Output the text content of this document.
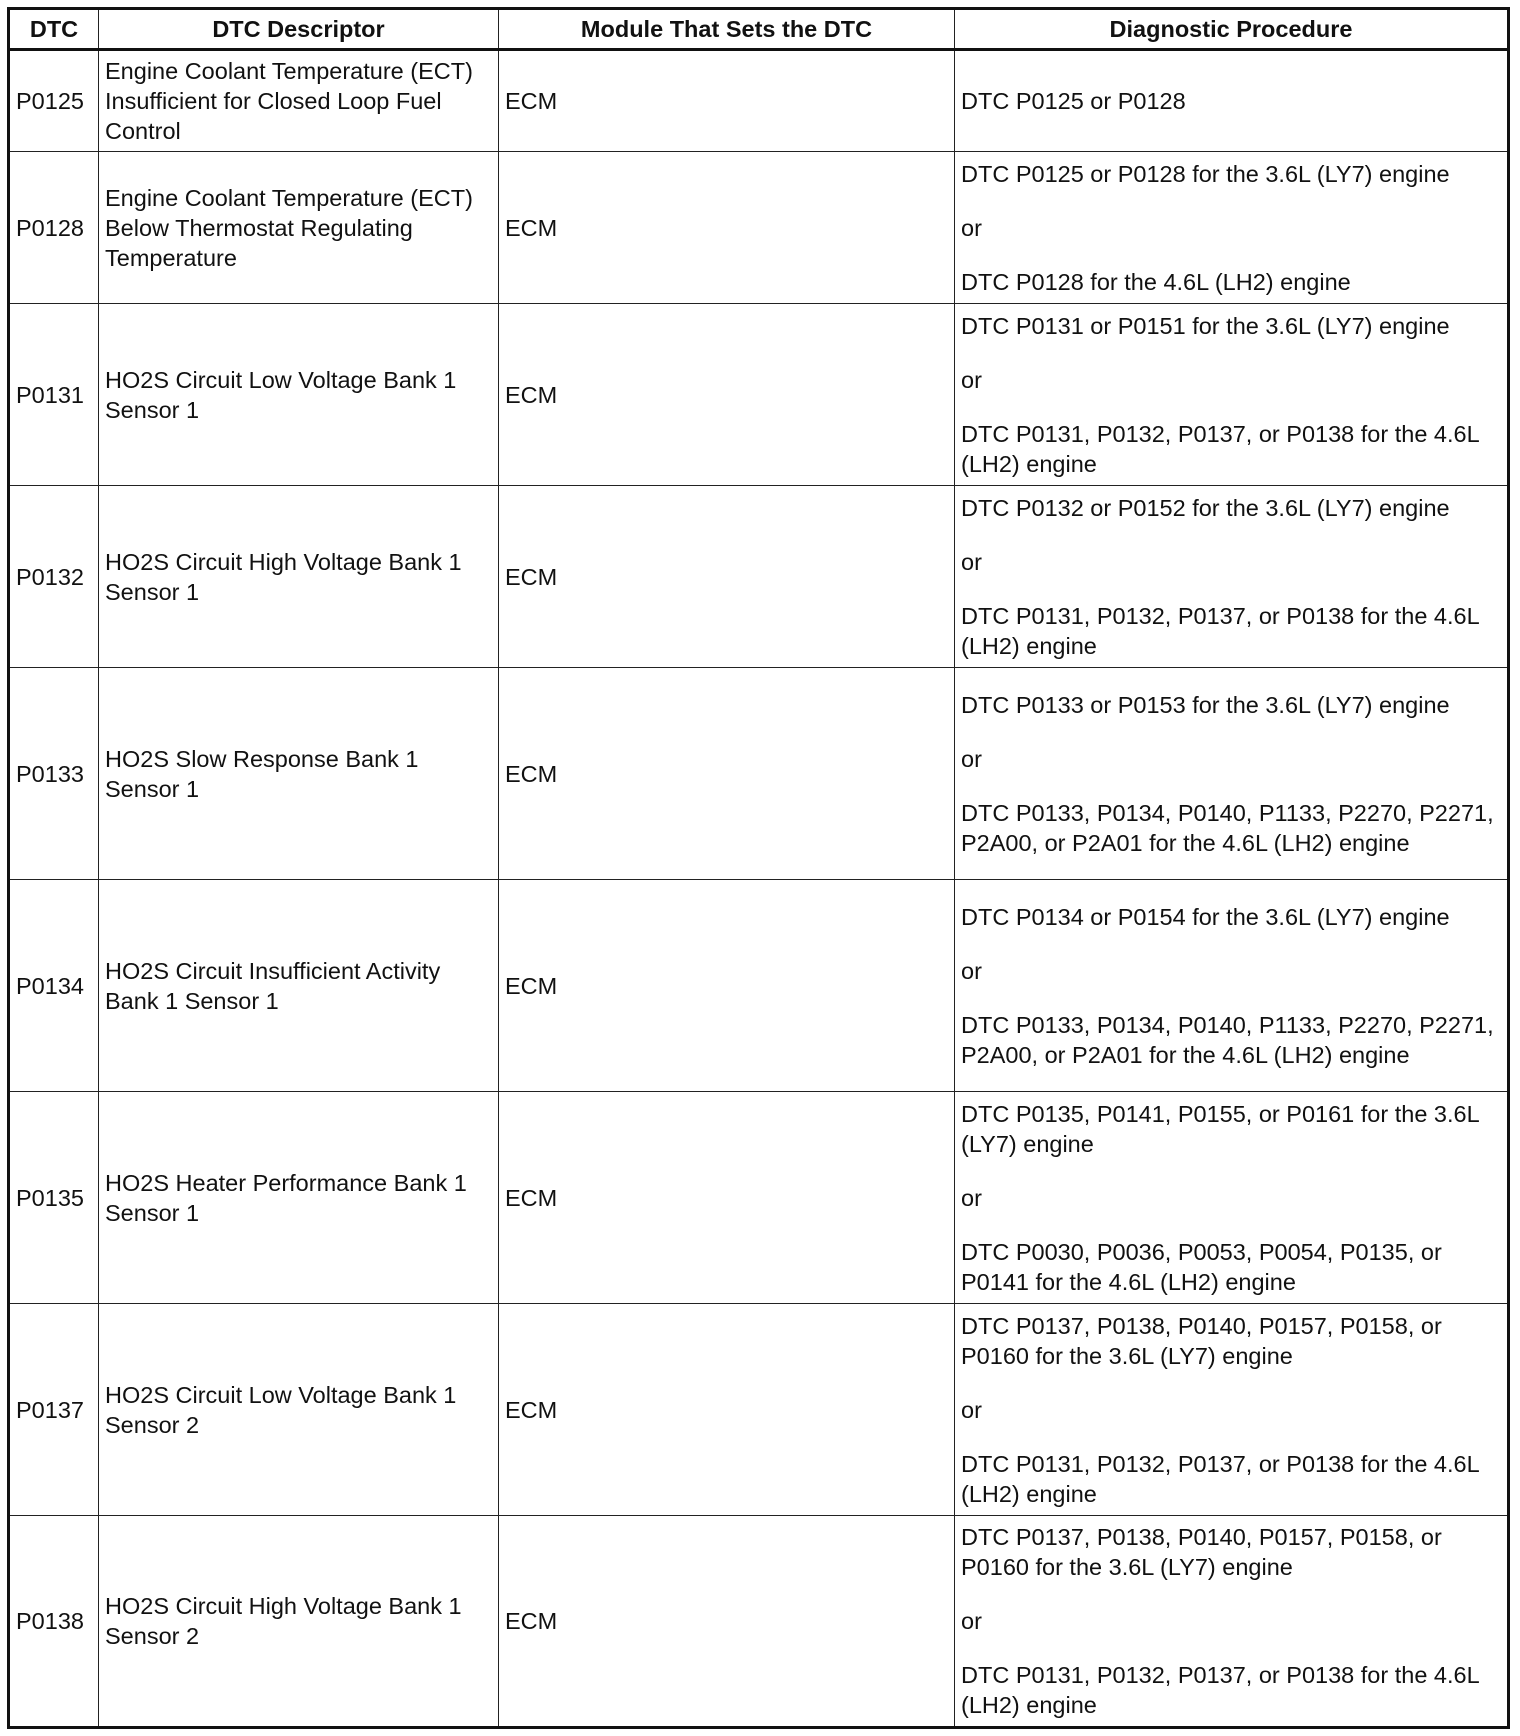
DTC	DTC Descriptor	Module That Sets the DTC	Diagnostic Procedure
P0125	Engine Coolant Temperature (ECT) Insufficient for Closed Loop Fuel Control	ECM	DTC P0125 or P0128

P0128	Engine Coolant Temperature (ECT) Below Thermostat Regulating Temperature	ECM	DTC P0125 or P0128 for the 3.6L (LY7) engine
or
DTC P0128 for the 4.6L (LH2) engine

P0131	HO2S Circuit Low Voltage Bank 1 Sensor 1	ECM	DTC P0131 or P0151 for the 3.6L (LY7) engine
or
DTC P0131, P0132, P0137, or P0138 for the 4.6L (LH2) engine

P0132	HO2S Circuit High Voltage Bank 1 Sensor 1	ECM	DTC P0132 or P0152 for the 3.6L (LY7) engine
or
DTC P0131, P0132, P0137, or P0138 for the 4.6L (LH2) engine

P0133	HO2S Slow Response Bank 1 Sensor 1	ECM	DTC P0133 or P0153 for the 3.6L (LY7) engine
or
DTC P0133, P0134, P0140, P1133, P2270, P2271, P2A00, or P2A01 for the 4.6L (LH2) engine

P0134	HO2S Circuit Insufficient Activity Bank 1 Sensor 1	ECM	DTC P0134 or P0154 for the 3.6L (LY7) engine
or
DTC P0133, P0134, P0140, P1133, P2270, P2271, P2A00, or P2A01 for the 4.6L (LH2) engine

P0135	HO2S Heater Performance Bank 1 Sensor 1	ECM	DTC P0135, P0141, P0155, or P0161 for the 3.6L (LY7) engine
or
DTC P0030, P0036, P0053, P0054, P0135, or P0141 for the 4.6L (LH2) engine

P0137	HO2S Circuit Low Voltage Bank 1 Sensor 2	ECM	DTC P0137, P0138, P0140, P0157, P0158, or P0160 for the 3.6L (LY7) engine
or
DTC P0131, P0132, P0137, or P0138 for the 4.6L (LH2) engine

P0138	HO2S Circuit High Voltage Bank 1 Sensor 2	ECM	DTC P0137, P0138, P0140, P0157, P0158, or P0160 for the 3.6L (LY7) engine
or
DTC P0131, P0132, P0137, or P0138 for the 4.6L (LH2) engine
